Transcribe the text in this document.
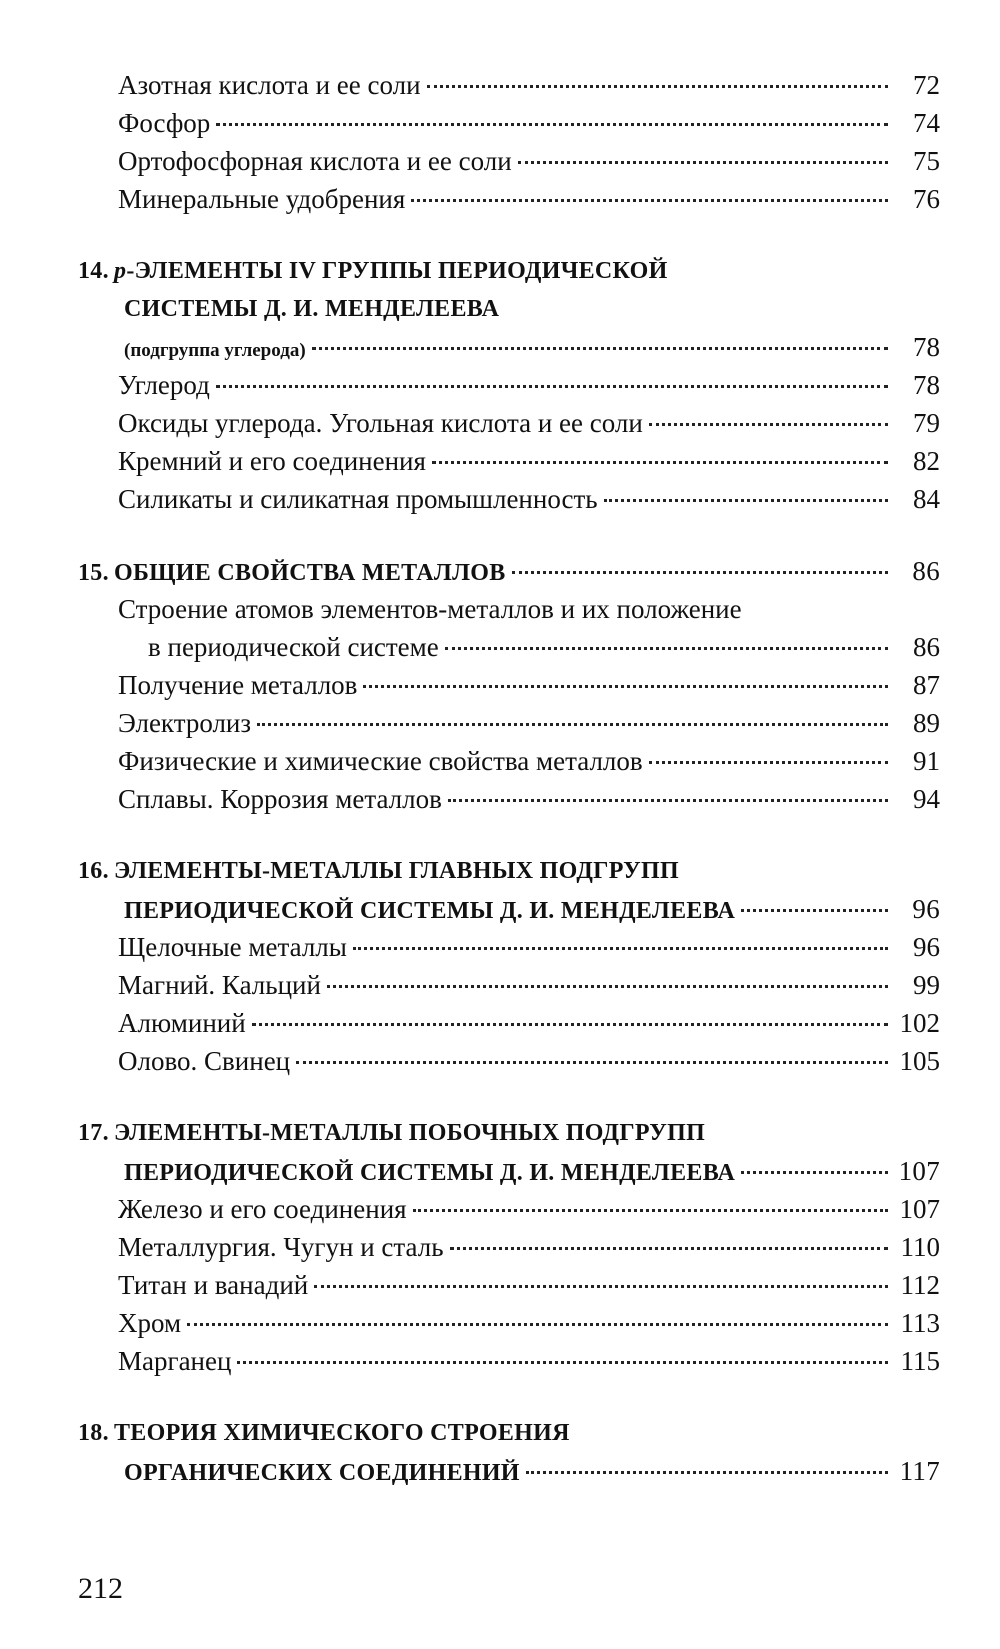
Азотная кислота и ее соли	72
Фосфор	74
Ортофосфорная кислота и ее соли	75
Минеральные удобрения	76
14. p-ЭЛЕМЕНТЫ IV ГРУППЫ ПЕРИОДИЧЕСКОЙ
СИСТЕМЫ Д. И. МЕНДЕЛЕЕВА
(подгруппа углерода)	78
Углерод	78
Оксиды углерода. Угольная кислота и ее соли	79
Кремний и его соединения	82
Силикаты и силикатная промышленность	84
15. ОБЩИЕ СВОЙСТВА МЕТАЛЛОВ	86
Строение атомов элементов-металлов и их положение
в периодической системе	86
Получение металлов	87
Электролиз	89
Физические и химические свойства металлов	91
Сплавы. Коррозия металлов	94
16. ЭЛЕМЕНТЫ-МЕТАЛЛЫ ГЛАВНЫХ ПОДГРУПП
ПЕРИОДИЧЕСКОЙ СИСТЕМЫ Д. И. МЕНДЕЛЕЕВА	96
Щелочные металлы	96
Магний. Кальций	99
Алюминий	102
Олово. Свинец	105
17. ЭЛЕМЕНТЫ-МЕТАЛЛЫ ПОБОЧНЫХ ПОДГРУПП
ПЕРИОДИЧЕСКОЙ СИСТЕМЫ Д. И. МЕНДЕЛЕЕВА	107
Железо и его соединения	107
Металлургия. Чугун и сталь	110
Титан и ванадий	112
Хром	113
Марганец	115
18. ТЕОРИЯ ХИМИЧЕСКОГО СТРОЕНИЯ
ОРГАНИЧЕСКИХ СОЕДИНЕНИЙ	117
212
